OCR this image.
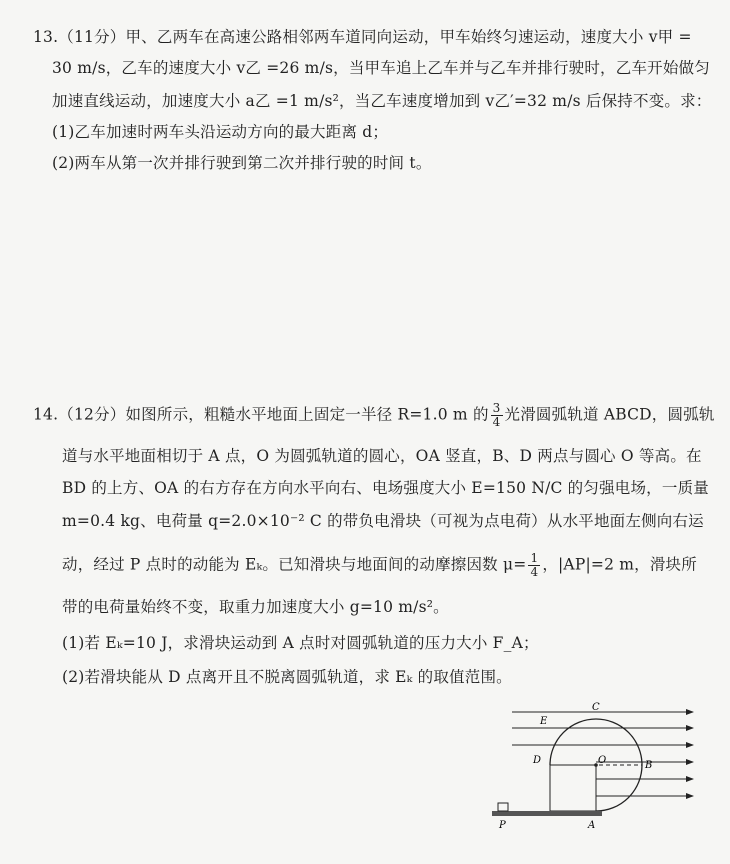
13.（11分）甲、乙两车在高速公路相邻两车道同向运动，甲车始终匀速运动，速度大小 v甲 =
30 m/s，乙车的速度大小 v乙 =26 m/s，当甲车追上乙车并与乙车并排行驶时，乙车开始做匀
加速直线运动，加速度大小 a乙 =1 m/s²，当乙车速度增加到 v乙′=32 m/s 后保持不变。求：
(1)乙车加速时两车头沿运动方向的最大距离 d；
(2)两车从第一次并排行驶到第二次并排行驶的时间 t。
14.（12分）如图所示，粗糙水平地面上固定一半径 R=1.0 m 的 $\frac{3}{4}$ 光滑圆弧轨道 ABCD，圆弧轨
道与水平地面相切于 A 点，O 为圆弧轨道的圆心，OA 竖直，B、D 两点与圆心 O 等高。在
BD 的上方、OA 的右方存在方向水平向右、电场强度大小 E=150 N/C 的匀强电场，一质量
m=0.4 kg、电荷量 q=2.0×10⁻² C 的带负电滑块（可视为点电荷）从水平地面左侧向右运
动，经过 P 点时的动能为 Eₖ。已知滑块与地面间的动摩擦因数 $\mu= \frac{1}{4}$ ，|AP|=2 m，滑块所
带的电荷量始终不变，取重力加速度大小 g=10 m/s²。
(1)若 Eₖ=10 J，求滑块运动到 A 点时对圆弧轨道的压力大小 F_A；
(2)若滑块能从 D 点离开且不脱离圆弧轨道，求 Eₖ 的取值范围。
C
E
D	O	B
P	A
